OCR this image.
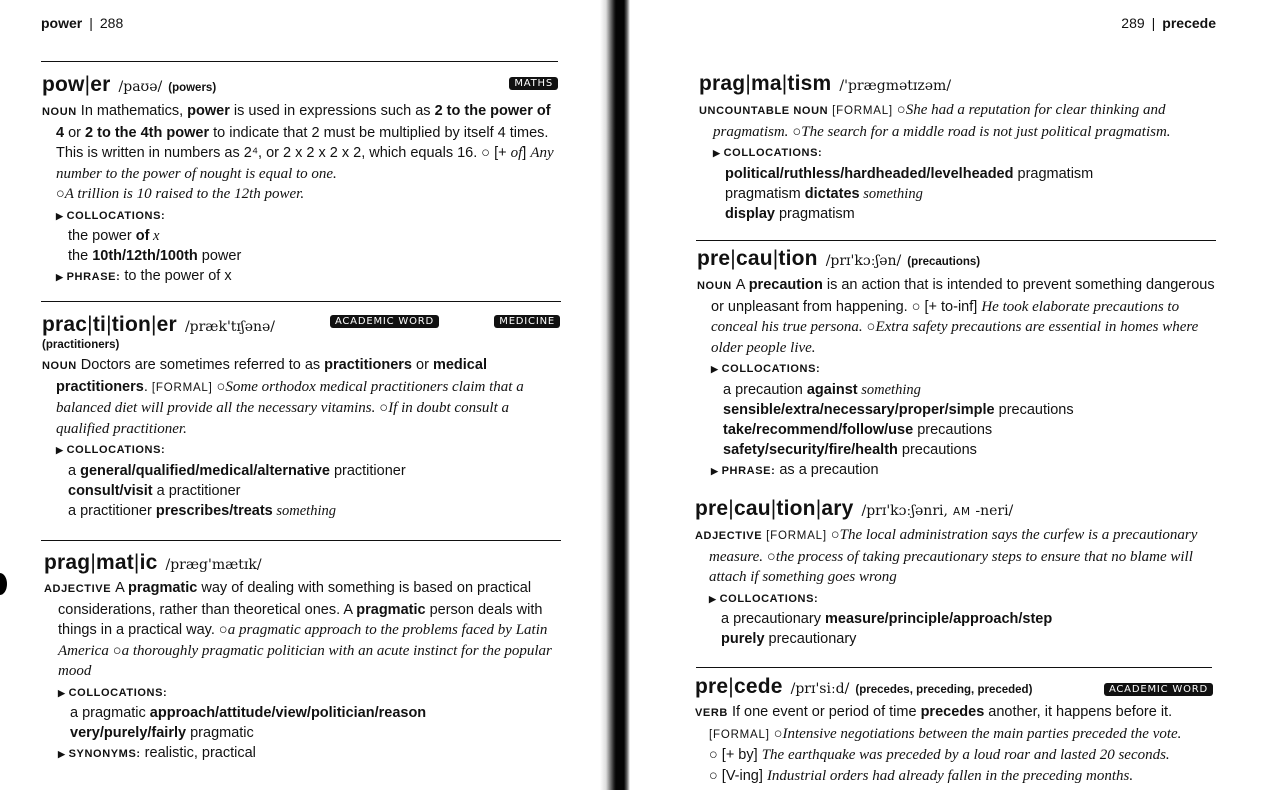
power | 288
pow|er /paʊə/ (powers)	MATHS

NOUN In mathematics, power is used in expressions such as 2 to the power of 4 or 2 to the 4th power to indicate that 2 must be multiplied by itself 4 times. This is written in numbers as 2⁴, or 2 x 2 x 2 x 2, which equals 16. ○ [+ of] Any number to the power of nought is equal to one.
○A trillion is 10 raised to the 12th power.

▶ COLLOCATIONS:
the power of x
the 10th/12th/100th power
▶ PHRASE: to the power of x
prac|ti|tion|er /præk'tɪʃənə/	ACADEMIC WORD	MEDICINE
(practitioners)

NOUN Doctors are sometimes referred to as practitioners or medical practitioners. [FORMAL] ○Some orthodox medical practitioners claim that a balanced diet will provide all the necessary vitamins. ○If in doubt consult a qualified practitioner.

▶ COLLOCATIONS:
a general/qualified/medical/alternative practitioner
consult/visit a practitioner
a practitioner prescribes/treats something
prag|mat|ic /præg'mætɪk/

ADJECTIVE A pragmatic way of dealing with something is based on practical considerations, rather than theoretical ones. A pragmatic person deals with things in a practical way. ○a pragmatic approach to the problems faced by Latin America ○a thoroughly pragmatic politician with an acute instinct for the popular mood

▶ COLLOCATIONS:
a pragmatic approach/attitude/view/politician/reason
very/purely/fairly pragmatic
▶ SYNONYMS: realistic, practical
289 | precede
prag|ma|tism /'prægmətɪzəm/

UNCOUNTABLE NOUN [FORMAL] ○She had a reputation for clear thinking and pragmatism. ○The search for a middle road is not just political pragmatism.

▶ COLLOCATIONS:
political/ruthless/hardheaded/levelheaded pragmatism
pragmatism dictates something
display pragmatism
pre|cau|tion /prɪ'kɔːʃən/ (precautions)

NOUN A precaution is an action that is intended to prevent something dangerous or unpleasant from happening. ○ [+ to-inf] He took elaborate precautions to conceal his true persona. ○Extra safety precautions are essential in homes where older people live.

▶ COLLOCATIONS:
a precaution against something
sensible/extra/necessary/proper/simple precautions
take/recommend/follow/use precautions
safety/security/fire/health precautions
▶ PHRASE: as a precaution
pre|cau|tion|ary /prɪ'kɔːʃənri, AM -neri/

ADJECTIVE [FORMAL] ○The local administration says the curfew is a precautionary measure. ○the process of taking precautionary steps to ensure that no blame will attach if something goes wrong

▶ COLLOCATIONS:
a precautionary measure/principle/approach/step
purely precautionary
pre|cede /prɪ'siːd/ (precedes, preceding, preceded)	ACADEMIC WORD

VERB If one event or period of time precedes another, it happens before it. [FORMAL] ○Intensive negotiations between the main parties preceded the vote.
○ [+ by] The earthquake was preceded by a loud roar and lasted 20 seconds.
○ [V-ing] Industrial orders had already fallen in the preceding months.
